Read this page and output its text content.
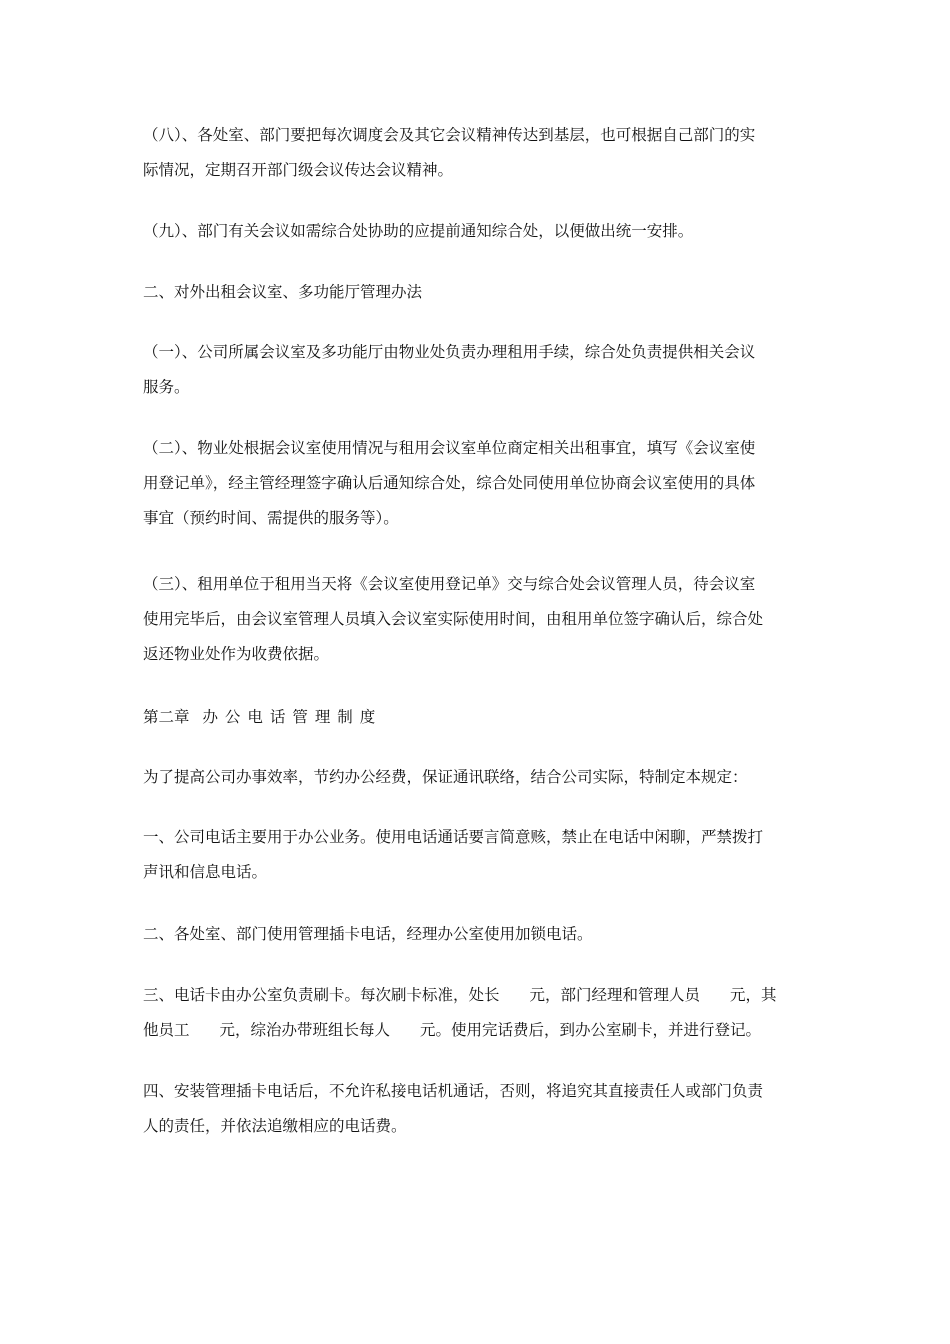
（八）、各处室、部门要把每次调度会及其它会议精神传达到基层，也可根据自己部门的实
际情况，定期召开部门级会议传达会议精神。

（九）、部门有关会议如需综合处协助的应提前通知综合处，以便做出统一安排。

二、对外出租会议室、多功能厅管理办法

（一）、公司所属会议室及多功能厅由物业处负责办理租用手续，综合处负责提供相关会议
服务。

（二）、物业处根据会议室使用情况与租用会议室单位商定相关出租事宜，填写《会议室使
用登记单》，经主管经理签字确认后通知综合处，综合处同使用单位协商会议室使用的具体
事宜（预约时间、需提供的服务等）。

（三）、租用单位于租用当天将《会议室使用登记单》交与综合处会议管理人员，待会议室
使用完毕后，由会议室管理人员填入会议室实际使用时间，由租用单位签字确认后，综合处
返还物业处作为收费依据。

第二章 办公电话管理制度

为了提高公司办事效率，节约办公经费，保证通讯联络，结合公司实际，特制定本规定：

一、公司电话主要用于办公业务。使用电话通话要言简意赅，禁止在电话中闲聊，严禁拨打
声讯和信息电话。

二、各处室、部门使用管理插卡电话，经理办公室使用加锁电话。

三、电话卡由办公室负责刷卡。每次刷卡标准，处长 元，部门经理和管理人员 元，其
他员工 元，综治办带班组长每人 元。使用完话费后，到办公室刷卡，并进行登记。

四、安装管理插卡电话后，不允许私接电话机通话，否则，将追究其直接责任人或部门负责
人的责任，并依法追缴相应的电话费。
